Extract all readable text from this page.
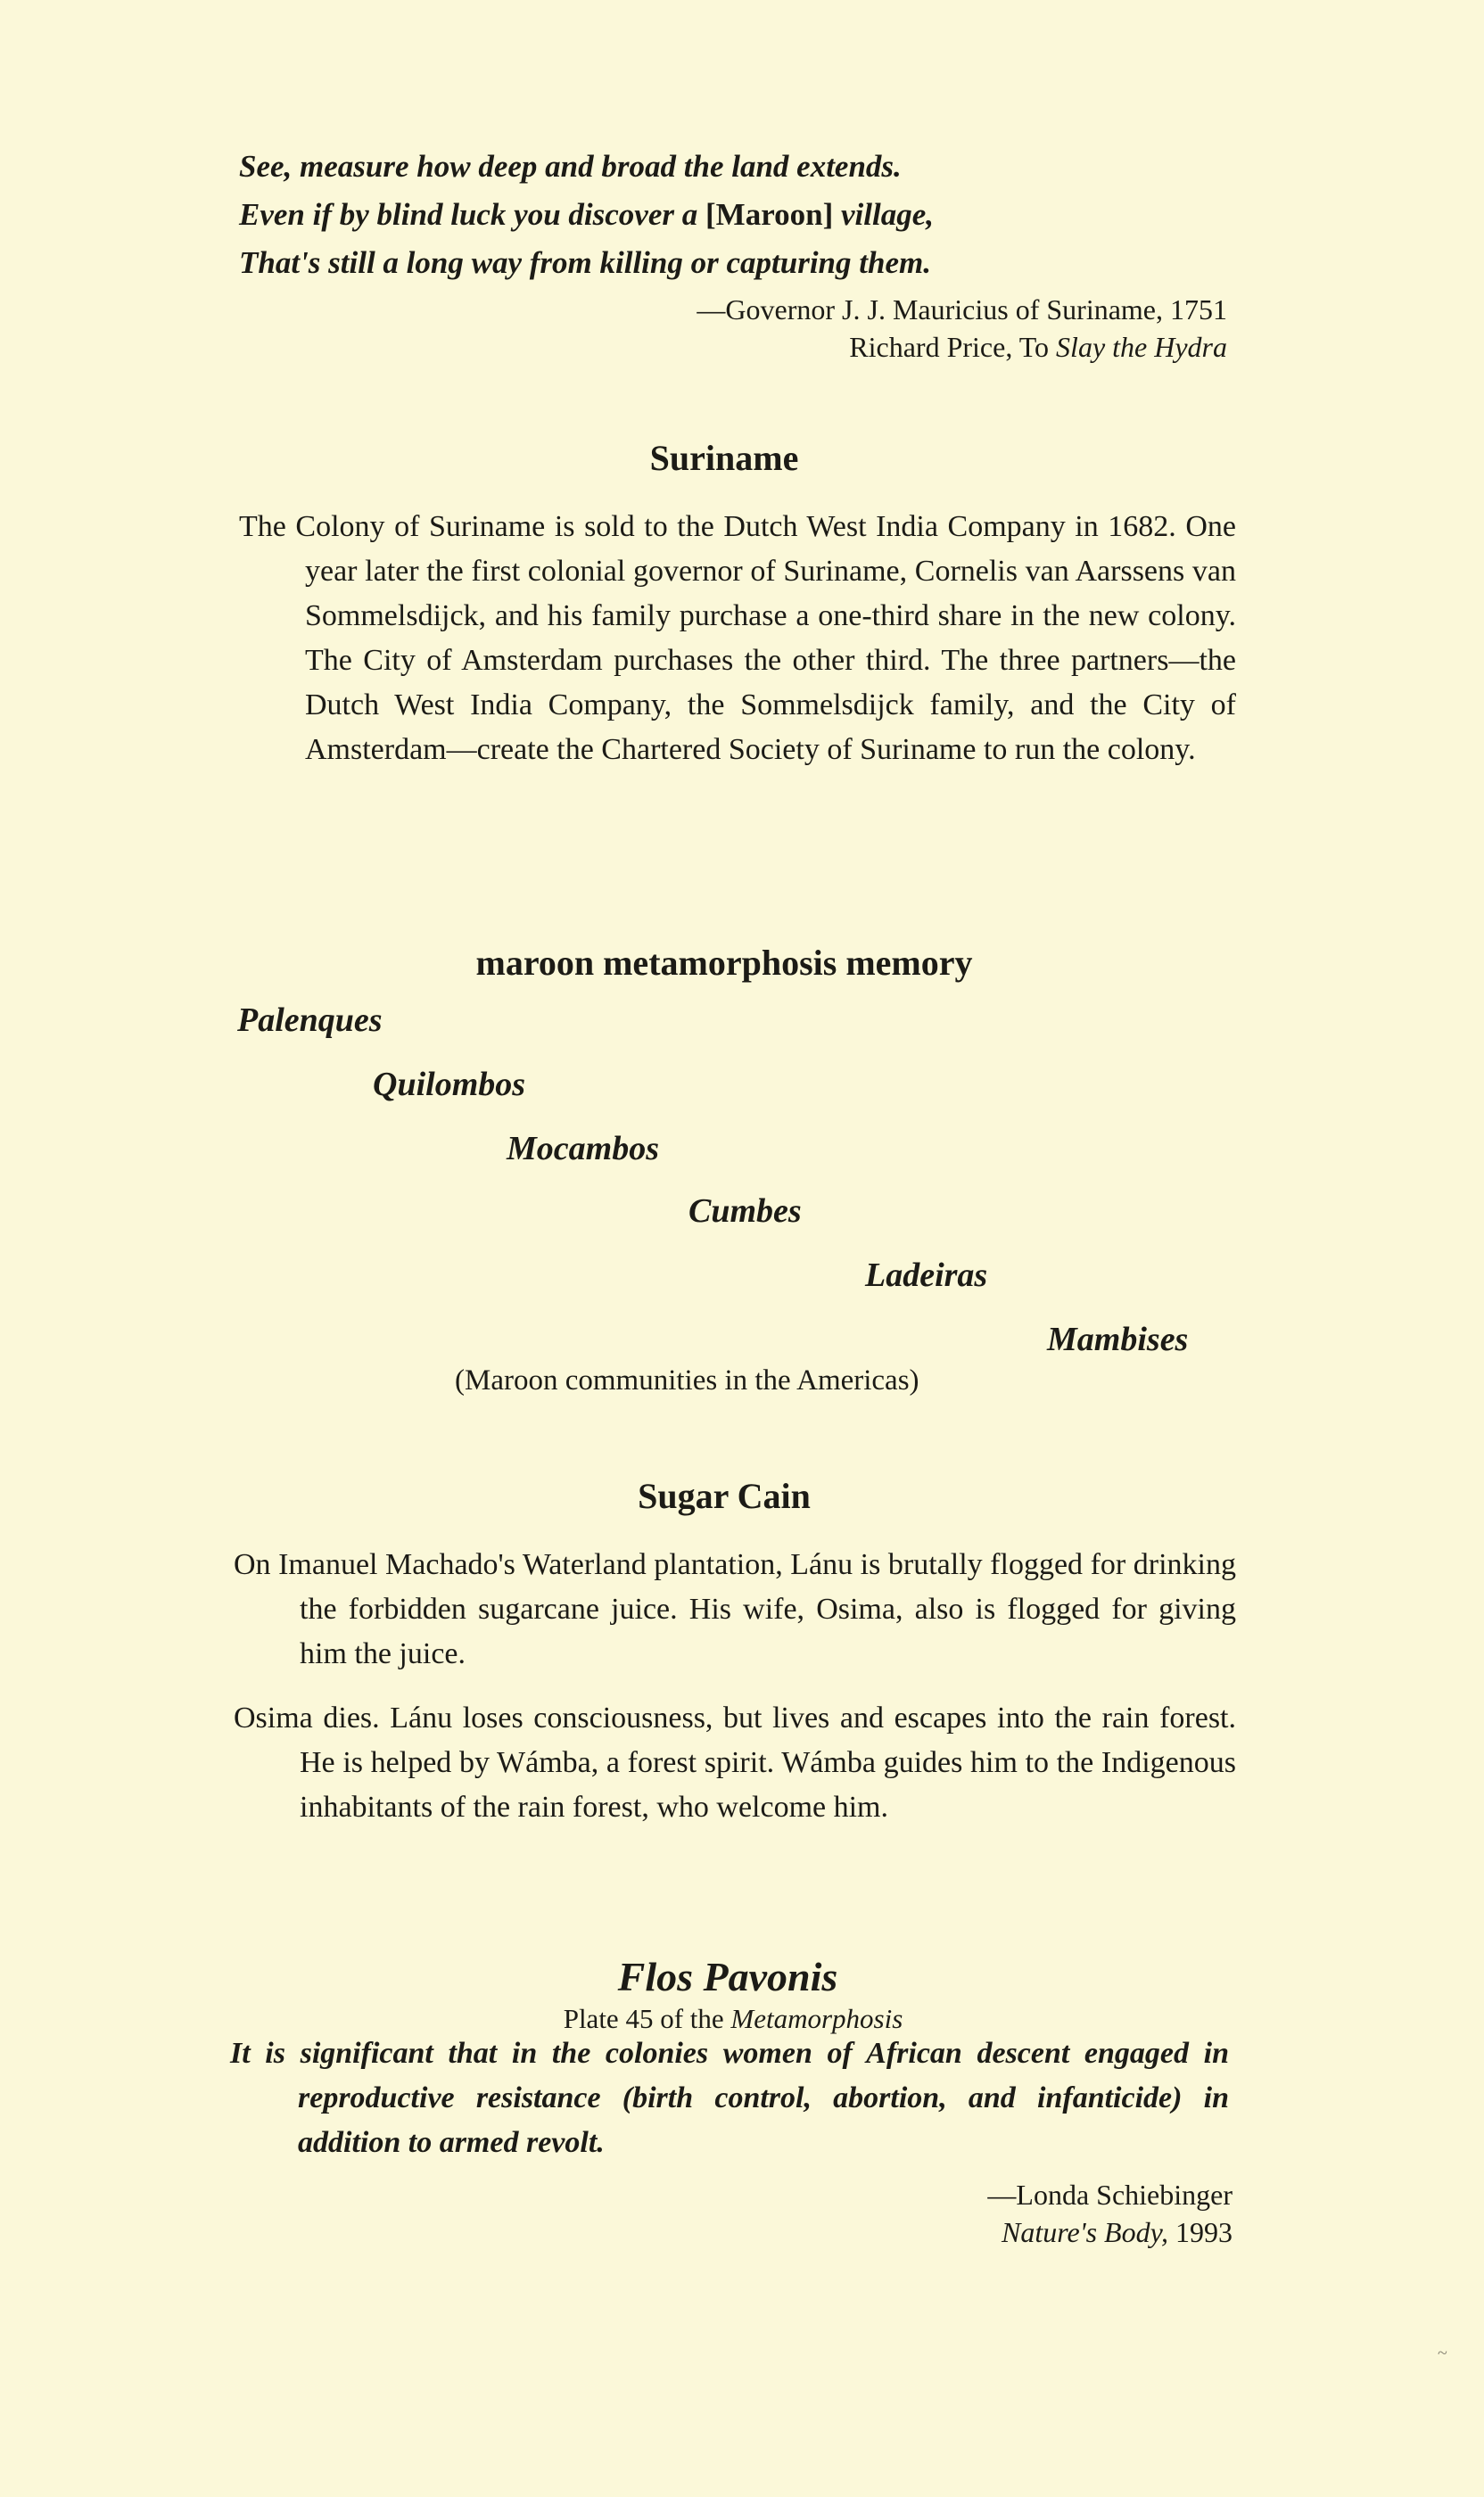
See, measure how deep and broad the land extends.
Even if by blind luck you discover a [Maroon] village,
That's still a long way from killing or capturing them.
—Governor J. J. Mauricius of Suriname, 1751
Richard Price, To Slay the Hydra
Suriname

The Colony of Suriname is sold to the Dutch West India Company in 1682. One year later the first colonial governor of Suriname, Cornelis van Aarssens van Sommelsdijck, and his family purchase a one-third share in the new colony. The City of Amsterdam purchases the other third. The three partners—the Dutch West India Company, the Sommelsdijck family, and the City of Amsterdam—create the Chartered Society of Suriname to run the colony.

maroon metamorphosis memory
Palenques
Quilombos
Mocambos
Cumbes
Ladeiras
Mambises
(Maroon communities in the Americas)
Sugar Cain

On Imanuel Machado's Waterland plantation, Lánu is brutally flogged for drinking the forbidden sugarcane juice. His wife, Osima, also is flogged for giving him the juice.

Osima dies. Lánu loses consciousness, but lives and escapes into the rain forest. He is helped by Wámba, a forest spirit. Wámba guides him to the Indigenous inhabitants of the rain forest, who welcome him.

Flos Pavonis
Plate 45 of the Metamorphosis

It is significant that in the colonies women of African descent engaged in reproductive resistance (birth control, abortion, and infanticide) in addition to armed revolt.

—Londa Schiebinger
Nature's Body, 1993
~
